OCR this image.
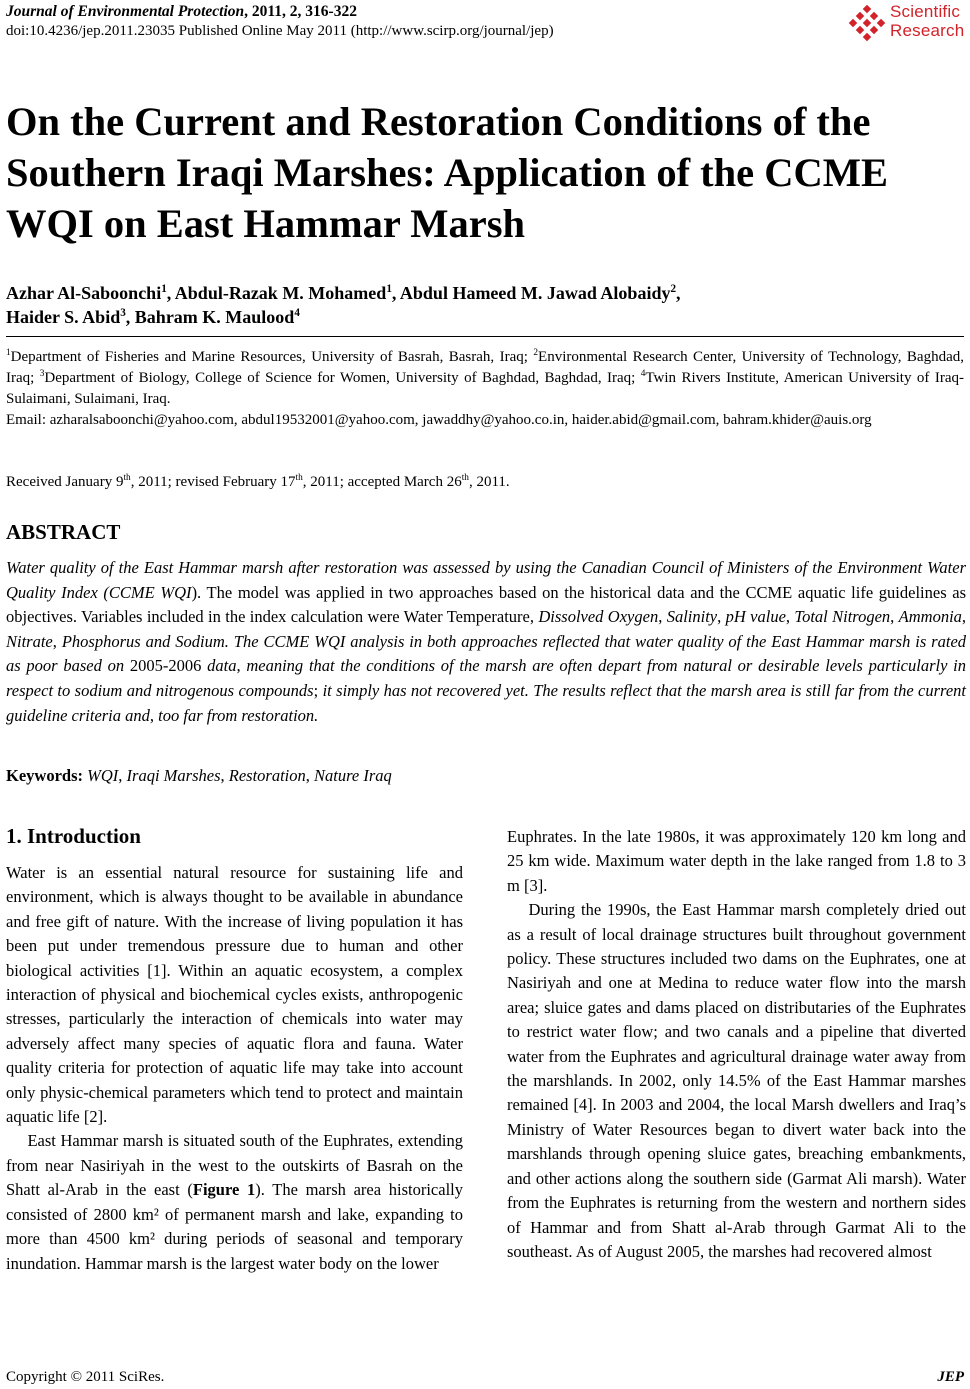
Journal of Environmental Protection, 2011, 2, 316-322
doi:10.4236/jep.2011.23035 Published Online May 2011 (http://www.scirp.org/journal/jep)
Scientific
Research
On the Current and Restoration Conditions of the Southern Iraqi Marshes: Application of the CCME WQI on East Hammar Marsh
Azhar Al-Saboonchi$^1$, Abdul-Razak M. Mohamed$^1$, Abdul Hameed M. Jawad Alobaidy$^2$,
Haider S. Abid$^3$, Bahram K. Maulood$^4$
$^1$Department of Fisheries and Marine Resources, University of Basrah, Basrah, Iraq; $^2$Environmental Research Center, University of Technology, Baghdad, Iraq; $^3$Department of Biology, College of Science for Women, University of Baghdad, Baghdad, Iraq; $^4$Twin Rivers Institute, American University of Iraq-Sulaimani, Sulaimani, Iraq.
Email: azharalsaboonchi@yahoo.com, abdul19532001@yahoo.com, jawaddhy@yahoo.co.in, haider.abid@gmail.com, bahram.khider@auis.org
Received January 9th, 2011; revised February 17th, 2011; accepted March 26th, 2011.
ABSTRACT
Water quality of the East Hammar marsh after restoration was assessed by using the Canadian Council of Ministers of the Environment Water Quality Index (CCME WQI). The model was applied in two approaches based on the historical data and the CCME aquatic life guidelines as objectives. Variables included in the index calculation were Water Temperature, Dissolved Oxygen, Salinity, pH value, Total Nitrogen, Ammonia, Nitrate, Phosphorus and Sodium. The CCME WQI analysis in both approaches reflected that water quality of the East Hammar marsh is rated as poor based on 2005-2006 data, meaning that the conditions of the marsh are often depart from natural or desirable levels particularly in respect to sodium and nitrogenous compounds; it simply has not recovered yet. The results reflect that the marsh area is still far from the current guideline criteria and, too far from restoration.
Keywords: WQI, Iraqi Marshes, Restoration, Nature Iraq
1. Introduction

Water is an essential natural resource for sustaining life and environment, which is always thought to be available in abundance and free gift of nature. With the increase of living population it has been put under tremendous pressure due to human and other biological activities [1]. Within an aquatic ecosystem, a complex interaction of physical and biochemical cycles exists, anthropogenic stresses, particularly the interaction of chemicals into water may adversely affect many species of aquatic flora and fauna. Water quality criteria for protection of aquatic life may take into account only physic-chemical parameters which tend to protect and maintain aquatic life [2].

East Hammar marsh is situated south of the Euphrates, extending from near Nasiriyah in the west to the outskirts of Basrah on the Shatt al-Arab in the east (Figure 1). The marsh area historically consisted of 2800 km² of permanent marsh and lake, expanding to more than 4500 km² during periods of seasonal and temporary inundation. Hammar marsh is the largest water body on the lower

Euphrates. In the late 1980s, it was approximately 120 km long and 25 km wide. Maximum water depth in the lake ranged from 1.8 to 3 m [3].

During the 1990s, the East Hammar marsh completely dried out as a result of local drainage structures built throughout government policy. These structures included two dams on the Euphrates, one at Nasiriyah and one at Medina to reduce water flow into the marsh area; sluice gates and dams placed on distributaries of the Euphrates to restrict water flow; and two canals and a pipeline that diverted water from the Euphrates and agricultural drainage water away from the marshlands. In 2002, only 14.5% of the East Hammar marshes remained [4]. In 2003 and 2004, the local Marsh dwellers and Iraq’s Ministry of Water Resources began to divert water back into the marshlands through opening sluice gates, breaching embankments, and other actions along the southern side (Garmat Ali marsh). Water from the Euphrates is returning from the western and northern sides of Hammar and from Shatt al-Arab through Garmat Ali to the southeast. As of August 2005, the marshes had recovered almost

Copyright © 2011 SciRes.	JEP
